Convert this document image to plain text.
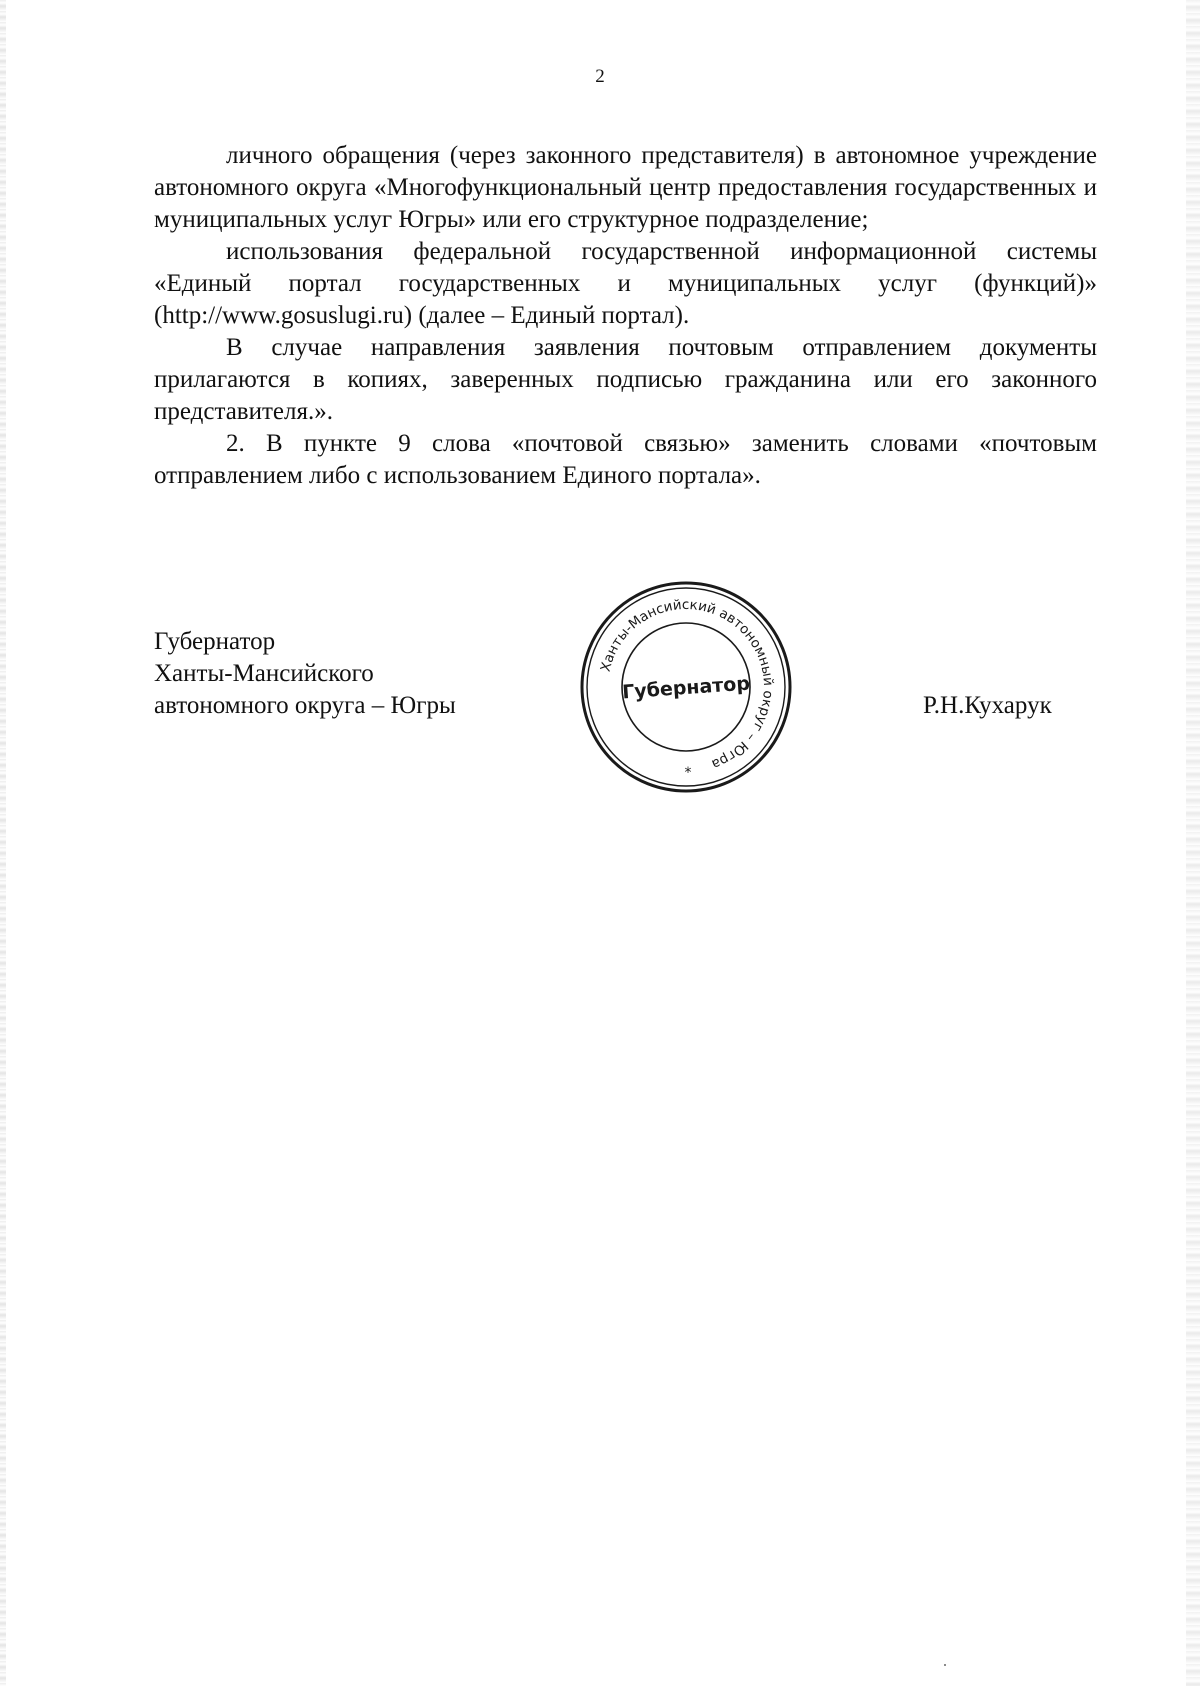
2

личного обращения (через законного представителя) в автономное учреждение автономного округа «Многофункциональный центр предоставления государственных и муниципальных услуг Югры» или его структурное подразделение;

использования федеральной государственной информационной системы «Единый портал государственных и муниципальных услуг (функций)» (http://www.gosuslugi.ru) (далее – Единый портал).

В случае направления заявления почтовым отправлением документы прилагаются в копиях, заверенных подписью гражданина или его законного представителя.».

2. В пункте 9 слова «почтовой связью» заменить словами «почтовым отправлением либо с использованием Единого портала».

Губернатор
Ханты-Мансийского
автономного округа – Югры
Ханты-Мансийский автономный округ – Югра
Губернатор
*
Р.Н.Кухарук
